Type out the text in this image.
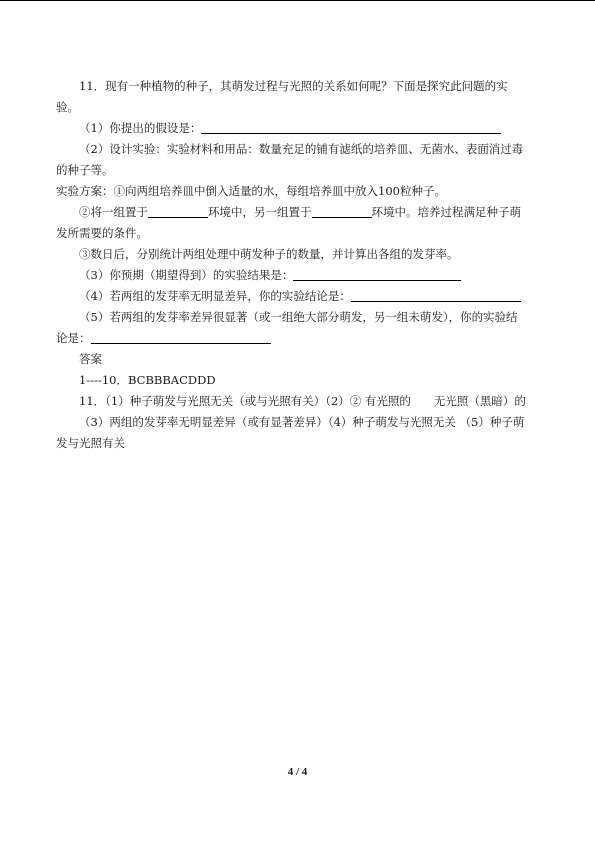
11．现有一种植物的种子，其萌发过程与光照的关系如何呢？下面是探究此问题的实

验。

（1）你提出的假设是：

（2）设计实验：实验材料和用品：数量充足的铺有滤纸的培养皿、无菌水、表面消过毒

的种子等。

实验方案：①向两组培养皿中倒入适量的水，每组培养皿中放入100粒种子。

②将一组置于	环境中，另一组置于	环境中。培养过程满足种子萌

发所需要的条件。

③数日后，分别统计两组处理中萌发种子的数量，并计算出各组的发芽率。

（3）你预期（期望得到）的实验结果是：

（4）若两组的发芽率无明显差异，你的实验结论是：

（5）若两组的发芽率差异很显著（或一组绝大部分萌发，另一组未萌发），你的实验结

论是：

答案

1----10．BCBBBACDDD

11．（1）种子萌发与光照无关（或与光照有关）（2）② 有光照的　　无光照（黑暗）的

（3）两组的发芽率无明显差异（或有显著差异）（4）种子萌发与光照无关 （5）种子萌

发与光照有关

4 / 4
